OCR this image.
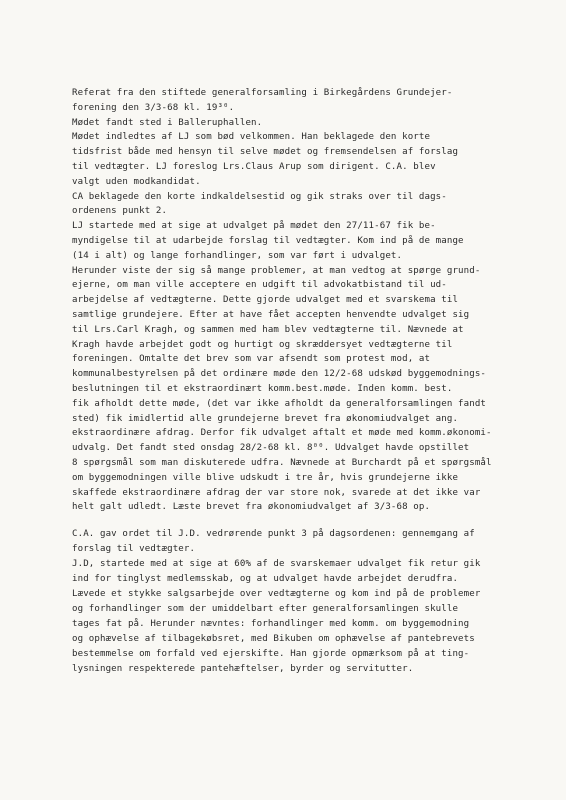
Referat fra den stiftede generalforsamling i Birkegårdens Grundejer-
forening den 3/3-68 kl. 19³⁰.
Mødet fandt sted i Balleruphallen.
Mødet indledtes af LJ som bød velkommen. Han beklagede den korte
tidsfrist både med hensyn til selve mødet og fremsendelsen af forslag
til vedtægter. LJ foreslog Lrs.Claus Arup som dirigent. C.A. blev
valgt uden modkandidat.
CA beklagede den korte indkaldelsestid og gik straks over til dags-
ordenens punkt 2.
LJ startede med at sige at udvalget på mødet den 27/11-67 fik be-
myndigelse til at udarbejde forslag til vedtægter. Kom ind på de mange
(14 i alt) og lange forhandlinger, som var ført i udvalget.
Herunder viste der sig så mange problemer, at man vedtog at spørge grund-
ejerne, om man ville acceptere en udgift til advokatbistand til ud-
arbejdelse af vedtægterne. Dette gjorde udvalget med et svarskema til
samtlige grundejere. Efter at have fået accepten henvendte udvalget sig
til Lrs.Carl Kragh, og sammen med ham blev vedtægterne til. Nævnede at
Kragh havde arbejdet godt og hurtigt og skræddersyet vedtægterne til
foreningen. Omtalte det brev som var afsendt som protest mod, at
kommunalbestyrelsen på det ordinære møde den 12/2-68 udskød byggemodnings-
beslutningen til et ekstraordinært komm.best.møde. Inden komm. best.
fik afholdt dette møde, (det var ikke afholdt da generalforsamlingen fandt
sted) fik imidlertid alle grundejerne brevet fra økonomiudvalget ang.
ekstraordinære afdrag. Derfor fik udvalget aftalt et møde med komm.økonomi-
udvalg. Det fandt sted onsdag 28/2-68 kl. 8⁰⁰. Udvalget havde opstillet
8 spørgsmål som man diskuterede udfra. Nævnede at Burchardt på et spørgsmål
om byggemodningen ville blive udskudt i tre år, hvis grundejerne ikke
skaffede ekstraordinære afdrag der var store nok, svarede at det ikke var
helt galt udledt. Læste brevet fra økonomiudvalget af 3/3-68 op.
C.A. gav ordet til J.D. vedrørende punkt 3 på dagsordenen: gennemgang af
forslag til vedtægter.
J.D, startede med at sige at 60% af de svarskemaer udvalget fik retur gik
ind for tinglyst medlemsskab, og at udvalget havde arbejdet derudfra.
Lævede et stykke salgsarbejde over vedtægterne og kom ind på de problemer
og forhandlinger som der umiddelbart efter generalforsamlingen skulle
tages fat på. Herunder nævntes: forhandlinger med komm. om byggemodning
og ophævelse af tilbagekøbsret, med Bikuben om ophævelse af pantebrevets
bestemmelse om forfald ved ejerskifte. Han gjorde opmærksom på at ting-
lysningen respekterede pantehæftelser, byrder og servitutter.
